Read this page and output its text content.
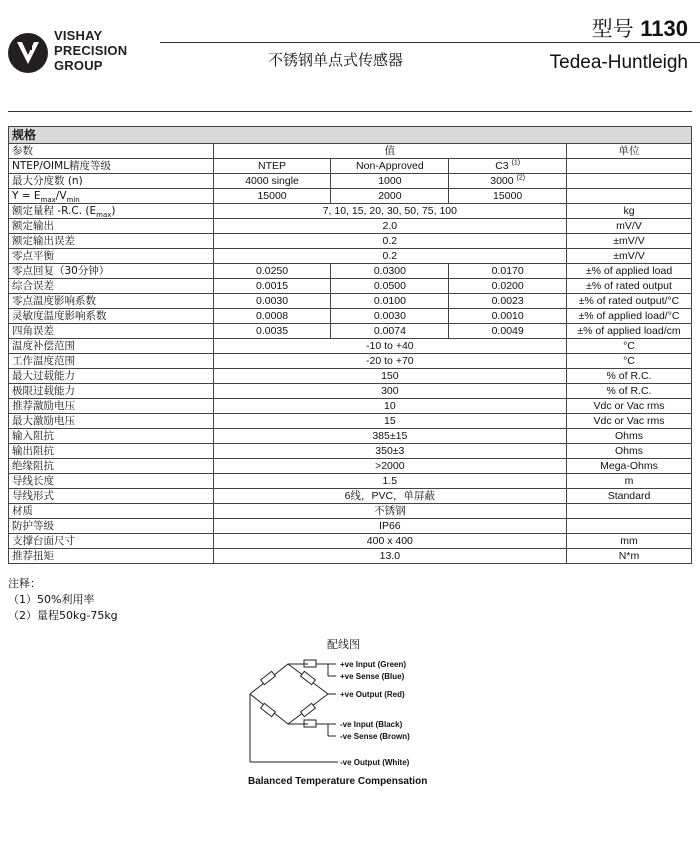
VISHAY
PRECISION
GROUP
型号 1130
不锈钢单点式传感器	Tedea-Huntleigh
规格				
参数	值			单位
NTEP/OIML精度等级	NTEP	Non-Approved	C3 $^{(1)}$	
最大分度数 (n)	4000 single	1000	3000 $^{(2)}$	
$Y = E_{max}/V_{min}$	15000	2000	15000	
额定量程 -R.C. $(E_{max})$	7, 10, 15, 20, 30, 50, 75, 100			kg
额定输出	2.0			mV/V
额定输出误差	0.2			±mV/V
零点平衡	0.2			±mV/V
零点回复（30分钟）	0.0250	0.0300	0.0170	±% of applied load
综合误差	0.0015	0.0500	0.0200	±% of rated output
零点温度影响系数	0.0030	0.0100	0.0023	±% of rated output/°C
灵敏度温度影响系数	0.0008	0.0030	0.0010	±% of applied load/°C
四角误差	0.0035	0.0074	0.0049	±% of applied load/cm
温度补偿范围	-10 to +40			°C
工作温度范围	-20 to +70			°C
最大过载能力	150			% of R.C.
极限过载能力	300			% of R.C.
推荐激励电压	10			Vdc or Vac rms
最大激励电压	15			Vdc or Vac rms
输入阻抗	385±15			Ohms
输出阻抗	350±3			Ohms
绝缘阻抗	>2000			Mega-Ohms
导线长度	1.5			m
导线形式	6线，PVC，单屏蔽			Standard
材质	不锈钢			
防护等级	IP66			
支撑台面尺寸	400 x 400			mm
推荐扭矩	13.0			N*m
注释：
（1）50%利用率
（2）量程50kg-75kg
配线图
+ve Input (Green)
+ve Sense (Blue)
+ve Output (Red)
-ve Input (Black)
-ve Sense (Brown)
-ve Output (White)
Balanced Temperature Compensation
